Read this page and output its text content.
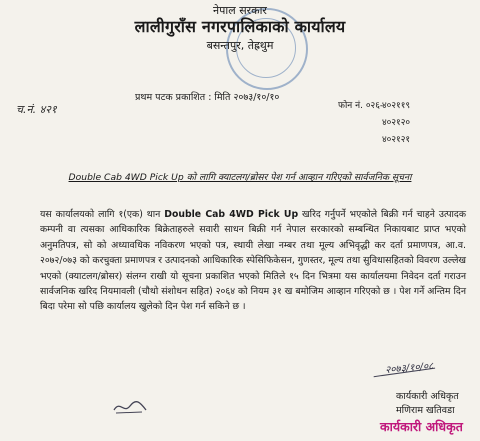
नेपाल सरकार
लालीगुराँस नगरपालिकाको कार्यालय
बसन्तपुर, तेह्रथुम
च.नं. ४२१
प्रथम पटक प्रकाशित : मिति २०७३/१०/१०
फोन नं. ०२६-
४०२११९
४०२१२०
४०२१२१
Double Cab 4WD Pick Up को लागि क्याटलग/ब्रोसर पेश गर्न आव्हान गरिएको सार्वजनिक सूचना
यस कार्यालयको लागि १(एक) थान Double Cab 4WD Pick Up खरिद गर्नुपर्ने भएकोले बिक्री गर्न चाहने उत्पादक कम्पनी वा त्यसका आधिकारिक बिक्रेताहरुले सवारी साधन बिक्री गर्न नेपाल सरकारको सम्बन्धित निकायबाट प्राप्त भएको अनुमतिपत्र, सो को अध्यावधिक नविकरण भएको पत्र, स्थायी लेखा नम्बर तथा मूल्य अभिवृद्धी कर दर्ता प्रमाणपत्र, आ.व. २०७२/०७३ को करचुक्ता प्रमाणपत्र र उत्पादनको आधिकारिक स्पेसिफिकेसन, गुणस्तर, मूल्य तथा सुविधासहितको विवरण उल्लेख भएको (क्याटलग/ब्रोसर) संलग्न राखी यो सूचना प्रकाशित भएको मितिले १५ दिन भित्रमा यस कार्यालयमा निवेदन दर्ता गराउन सार्वजनिक खरिद नियमावली (चौथो संशोधन सहित) २०६४ को नियम ३१ ख बमोजिम आव्हान गरिएको छ । पेश गर्ने अन्तिम दिन बिदा परेमा सो पछि कार्यालय खुलेको दिन पेश गर्न सकिने छ ।
२०७३/१०/०८
कार्यकारी अधिकृत
मणिराम खतिवडा
कार्यकारी अधिकृत
